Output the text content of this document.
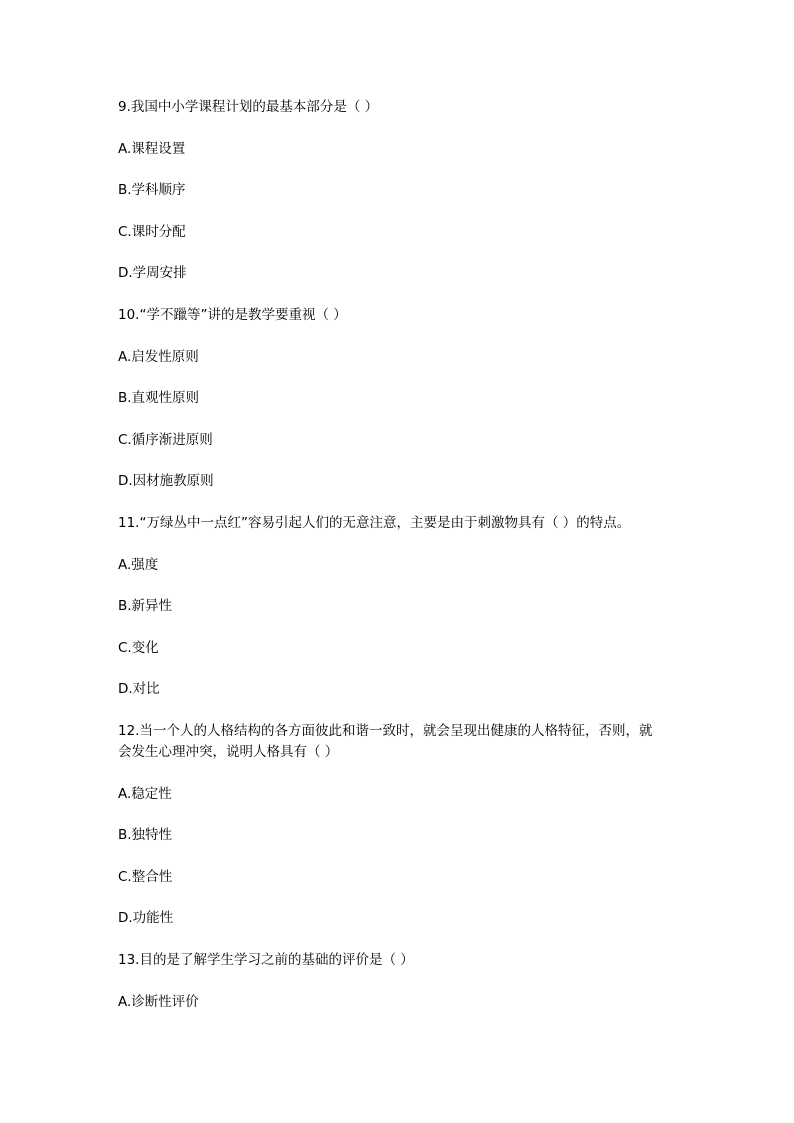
9.我国中小学课程计划的最基本部分是（ ）

A.课程设置

B.学科顺序

C.课时分配

D.学周安排

10.“学不躐等”讲的是教学要重视（ ）

A.启发性原则

B.直观性原则

C.循序渐进原则

D.因材施教原则

11.“万绿丛中一点红”容易引起人们的无意注意，主要是由于刺激物具有（ ）的特点。

A.强度

B.新异性

C.变化

D.对比

12.当一个人的人格结构的各方面彼此和谐一致时，就会呈现出健康的人格特征，否则，就

会发生心理冲突，说明人格具有（ ）

A.稳定性

B.独特性

C.整合性

D.功能性

13.目的是了解学生学习之前的基础的评价是（ ）

A.诊断性评价
